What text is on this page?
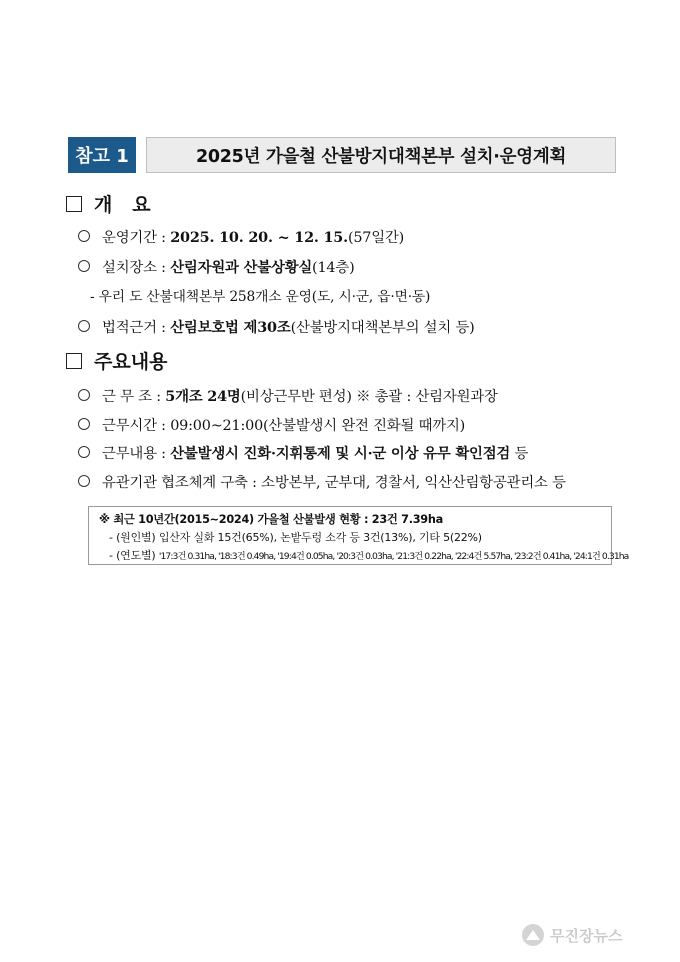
참고 1	2025년 가을철 산불방지대책본부 설치·운영계획
개   요
운영기간 : 2025. 10. 20. ~ 12. 15.(57일간)
설치장소 : 산림자원과 산불상황실(14층)
- 우리 도 산불대책본부 258개소 운영(도, 시·군, 읍·면·동)
법적근거 : 산림보호법 제30조(산불방지대책본부의 설치 등)
주요내용
근 무 조 : 5개조 24명(비상근무반 편성) ※ 총괄 : 산림자원과장
근무시간 : 09:00~21:00(산불발생시 완전 진화될 때까지)
근무내용 : 산불발생시 진화·지휘통제 및 시·군 이상 유무 확인점검 등
유관기관 협조체계 구축 : 소방본부, 군부대, 경찰서, 익산산림항공관리소 등
※ 최근 10년간(2015~2024) 가을철 산불발생 현황 : 23건 7.39ha
- (원인별) 입산자 실화 15건(65%), 논밭두렁 소각 등 3건(13%), 기타 5(22%)
- (연도별) '17:3건 0.31ha, '18:3건 0.49ha, '19:4건 0.05ha, '20:3건 0.03ha, '21:3건 0.22ha, '22:4건 5.57ha, '23:2건 0.41ha, '24:1건 0.31ha
무진장뉴스
